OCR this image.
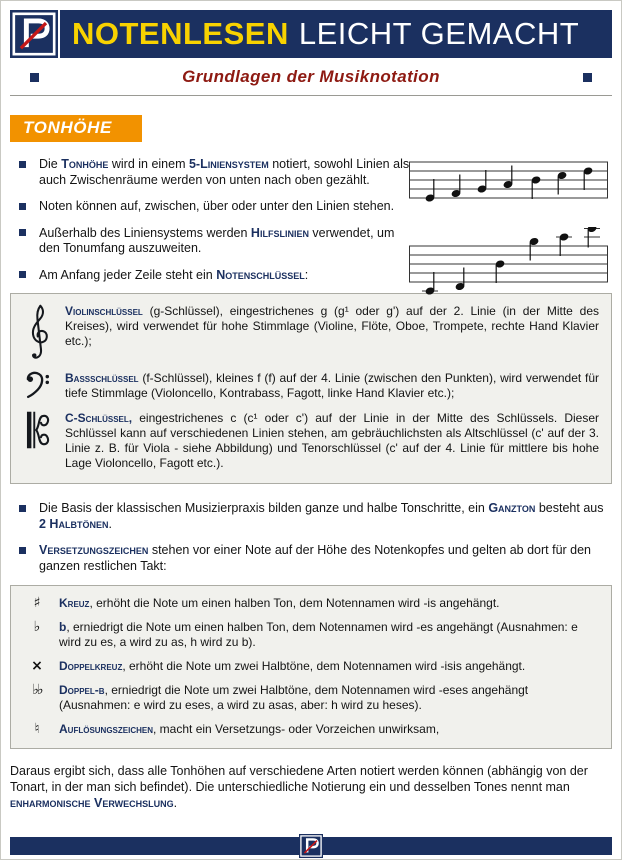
NOTENLESEN LEICHT GEMACHT
Grundlagen der Musiknotation
TONHÖHE
Die Tonhöhe wird in einem 5-Liniensystem notiert, sowohl Linien als auch Zwischenräume werden von unten nach oben gezählt.
Noten können auf, zwischen, über oder unter den Linien stehen.
Außerhalb des Liniensystems werden Hilfslinien verwendet, um den Tonumfang auszuweiten.
Am Anfang jeder Zeile steht ein Notenschlüssel:

Violinschlüssel (g-Schlüssel), eingestrichenes g (g¹ oder g') auf der 2. Linie (in der Mitte des Kreises), wird verwendet für hohe Stimmlage (Violine, Flöte, Oboe, Trompete, rechte Hand Klavier etc.);

Bassschlüssel (f-Schlüssel), kleines f (f) auf der 4. Linie (zwischen den Punkten), wird verwendet für tiefe Stimmlage (Violoncello, Kontrabass, Fagott, linke Hand Klavier etc.);

C-Schlüssel, eingestrichenes c (c¹ oder c') auf der Linie in der Mitte des Schlüssels. Dieser Schlüssel kann auf verschiedenen Linien stehen, am gebräuchlichsten als Altschlüssel (c' auf der 3. Linie z. B. für Viola - siehe Abbildung) und Tenorschlüssel (c' auf der 4. Linie für mittlere bis hohe Lage Violoncello, Fagott etc.).

Die Basis der klassischen Musizierpraxis bilden ganze und halbe Tonschritte, ein Ganzton besteht aus 2 Halbtönen.
Versetzungszeichen stehen vor einer Note auf der Höhe des Notenkopfes und gelten ab dort für den ganzen restlichen Takt:
♯	Kreuz, erhöht die Note um einen halben Ton, dem Notennamen wird -is angehängt.

♭	b, erniedrigt die Note um einen halben Ton, dem Notennamen wird -es angehängt (Ausnahmen: e wird zu es, a wird zu as, h wird zu b).

×	Doppelkreuz, erhöht die Note um zwei Halbtöne, dem Notennamen wird -isis angehängt.

♭♭	Doppel-b, erniedrigt die Note um zwei Halbtöne, dem Notennamen wird -eses angehängt (Ausnahmen: e wird zu eses, a wird zu asas, aber: h wird zu heses).

♮	Auflösungszeichen, macht ein Versetzungs- oder Vorzeichen unwirksam,

Daraus ergibt sich, dass alle Tonhöhen auf verschiedene Arten notiert werden können (abhängig von der Tonart, in der man sich befindet). Die unterschiedliche Notierung ein und desselben Tones nennt man enharmonische Verwechslung.
